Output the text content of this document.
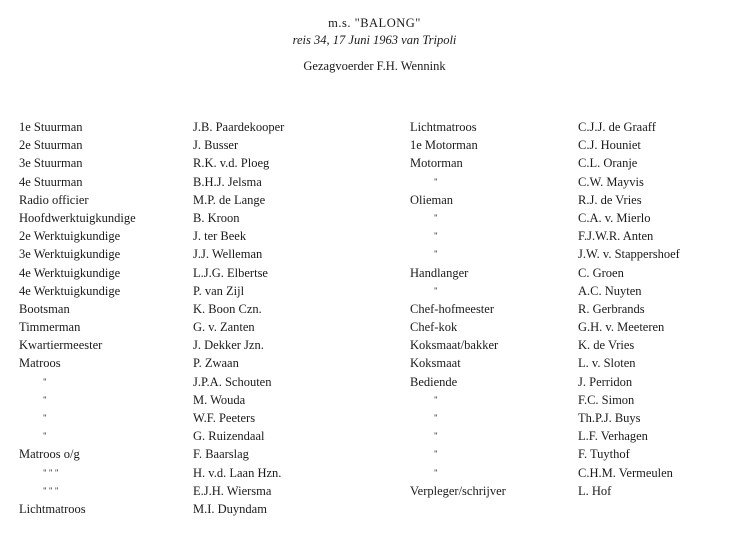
m.s. "BALONG"
reis 34, 17 Juni 1963 van Tripoli
Gezagvoerder F.H. Wennink
1e Stuurman
2e Stuurman
3e Stuurman
4e Stuurman
Radio officier
Hoofdwerktuigkundige
2e Werktuigkundige
3e Werktuigkundige
4e Werktuigkundige
4e Werktuigkundige
Bootsman
Timmerman
Kwartiermeester
Matroos
"
"
"
"
Matroos o/g
" " "
" " "
Lichtmatroos
J.B. Paardekooper
J. Busser
R.K. v.d. Ploeg
B.H.J. Jelsma
M.P. de Lange
B. Kroon
J. ter Beek
J.J. Welleman
L.J.G. Elbertse
P. van Zijl
K. Boon Czn.
G. v. Zanten
J. Dekker Jzn.
P. Zwaan
J.P.A. Schouten
M. Wouda
W.F. Peeters
G. Ruizendaal
F. Baarslag
H. v.d. Laan Hzn.
E.J.H. Wiersma
M.I. Duyndam
Lichtmatroos
1e Motorman
Motorman
"
Olieman
"
"
"
Handlanger
"
Chef-hofmeester
Chef-kok
Koksmaat/bakker
Koksmaat
Bediende
"
"
"
"
"
Verpleger/schrijver
C.J.J. de Graaff
C.J. Houniet
C.L. Oranje
C.W. Mayvis
R.J. de Vries
C.A. v. Mierlo
F.J.W.R. Anten
J.W. v. Stappershoef
C. Groen
A.C. Nuyten
R. Gerbrands
G.H. v. Meeteren
K. de Vries
L. v. Sloten
J. Perridon
F.C. Simon
Th.P.J. Buys
L.F. Verhagen
F. Tuythof
C.H.M. Vermeulen
L. Hof
